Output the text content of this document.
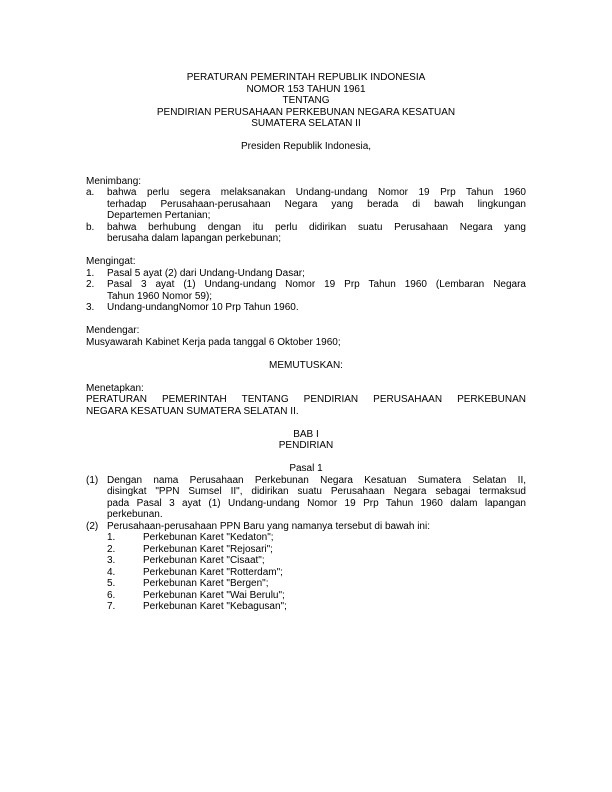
PERATURAN PEMERINTAH REPUBLIK INDONESIA
NOMOR 153 TAHUN 1961
TENTANG
PENDIRIAN PERUSAHAAN PERKEBUNAN NEGARA KESATUAN
SUMATERA SELATAN II
Presiden Republik Indonesia,
Menimbang:
a.	bahwa perlu segera melaksanakan Undang-undang Nomor 19 Prp Tahun 1960
terhadap Perusahaan-perusahaan Negara yang berada di bawah lingkungan
Departemen Pertanian;
b.	bahwa berhubung dengan itu perlu didirikan suatu Perusahaan Negara yang
berusaha dalam lapangan perkebunan;
Mengingat:
1.	Pasal 5 ayat (2) dari Undang-Undang Dasar;
2.	Pasal 3 ayat (1) Undang-undang Nomor 19 Prp Tahun 1960 (Lembaran Negara
Tahun 1960 Nomor 59);
3.	Undang-undangNomor 10 Prp Tahun 1960.
Mendengar:
Musyawarah Kabinet Kerja pada tanggal 6 Oktober 1960;
MEMUTUSKAN:
Menetapkan:
PERATURAN PEMERINTAH TENTANG PENDIRIAN PERUSAHAAN PERKEBUNAN
NEGARA KESATUAN SUMATERA SELATAN II.
BAB I
PENDIRIAN
Pasal 1
(1) Dengan nama Perusahaan Perkebunan Negara Kesatuan Sumatera Selatan II,
disingkat "PPN Sumsel II", didirikan suatu Perusahaan Negara sebagai termaksud
pada Pasal 3 ayat (1) Undang-undang Nomor 19 Prp Tahun 1960 dalam lapangan
perkebunan.
(2) Perusahaan-perusahaan PPN Baru yang namanya tersebut di bawah ini:
1.	Perkebunan Karet "Kedaton";
2.	Perkebunan Karet "Rejosari";
3.	Perkebunan Karet "Cisaat";
4.	Perkebunan Karet "Rotterdam";
5.	Perkebunan Karet "Bergen";
6.	Perkebunan Karet "Wai Berulu";
7.	Perkebunan Karet "Kebagusan";
